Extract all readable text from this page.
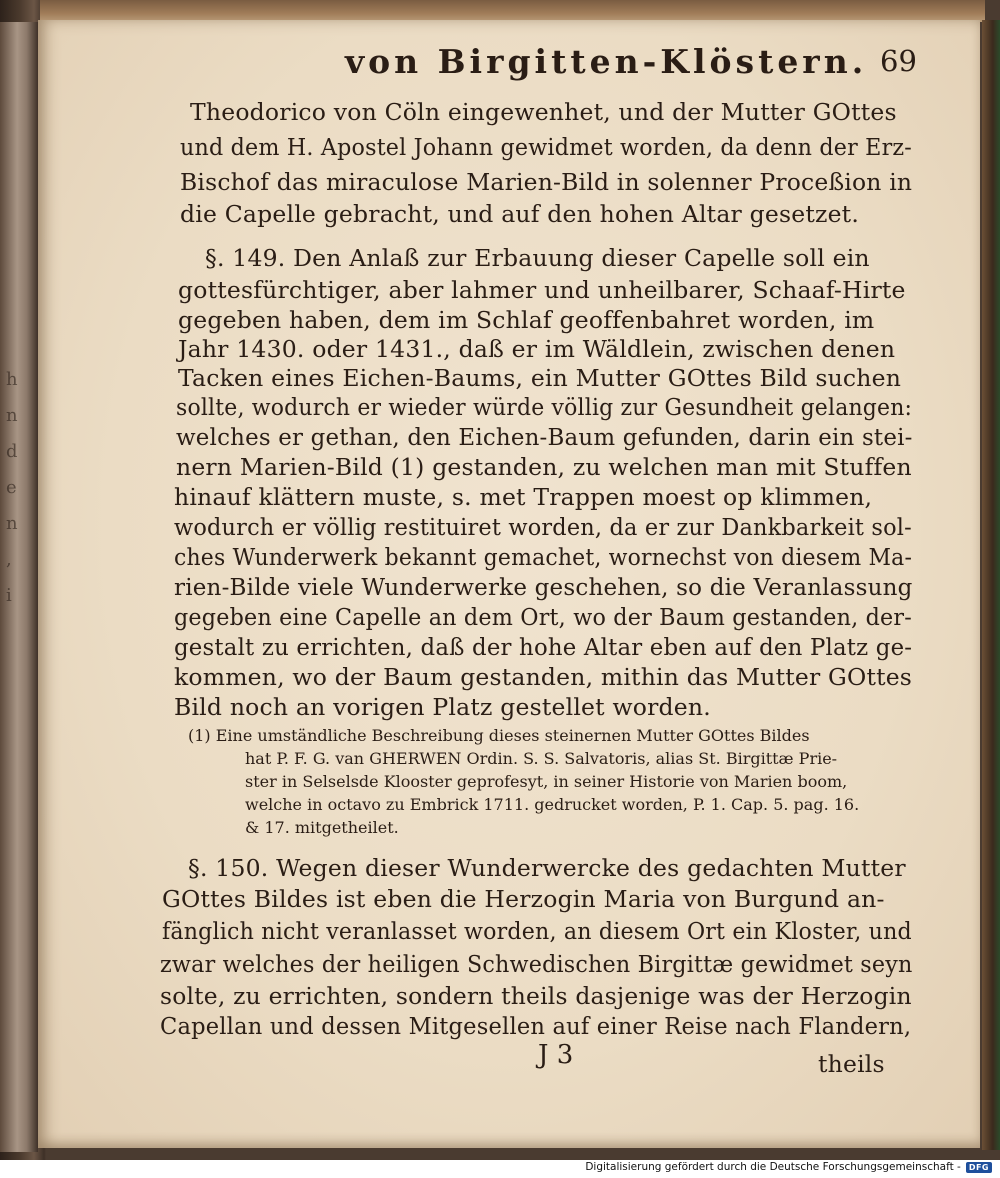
h
n
d
e
n
,
i
von Birgitten-Klöstern. 69
Theodorico von Cöln eingewenhet, und der Mutter GOttes
und dem H. Apostel Johann gewidmet worden, da denn der Erz-
Bischof das miraculose Marien-Bild in solenner Proceßion in
die Capelle gebracht, und auf den hohen Altar gesetzet.
§. 149. Den Anlaß zur Erbauung dieser Capelle soll ein
gottesfürchtiger, aber lahmer und unheilbarer, Schaaf-Hirte
gegeben haben, dem im Schlaf geoffenbahret worden, im
Jahr 1430. oder 1431., daß er im Wäldlein, zwischen denen
Tacken eines Eichen-Baums, ein Mutter GOttes Bild suchen
sollte, wodurch er wieder würde völlig zur Gesundheit gelangen:
welches er gethan, den Eichen-Baum gefunden, darin ein stei-
nern Marien-Bild (1) gestanden, zu welchen man mit Stuffen
hinauf klättern muste, s. met Trappen moest op klimmen,
wodurch er völlig restituiret worden, da er zur Dankbarkeit sol-
ches Wunderwerk bekannt gemachet, wornechst von diesem Ma-
rien-Bilde viele Wunderwerke geschehen, so die Veranlassung
gegeben eine Capelle an dem Ort, wo der Baum gestanden, der-
gestalt zu errichten, daß der hohe Altar eben auf den Platz ge-
kommen, wo der Baum gestanden, mithin das Mutter GOttes
Bild noch an vorigen Platz gestellet worden.
(1) Eine umständliche Beschreibung dieses steinernen Mutter GOttes Bildes
hat P. F. G. van GHERWEN Ordin. S. S. Salvatoris, alias St. Birgittæ Prie-
ster in Selselsde Klooster geprofesyt, in seiner Historie von Marien boom,
welche in octavo zu Embrick 1711. gedrucket worden, P. 1. Cap. 5. pag. 16.
& 17. mitgetheilet.
§. 150. Wegen dieser Wunderwercke des gedachten Mutter
GOttes Bildes ist eben die Herzogin Maria von Burgund an-
fänglich nicht veranlasset worden, an diesem Ort ein Kloster, und
zwar welches der heiligen Schwedischen Birgittæ gewidmet seyn
solte, zu errichten, sondern theils dasjenige was der Herzogin
Capellan und dessen Mitgesellen auf einer Reise nach Flandern,
J 3	theils
Digitalisierung gefördert durch die Deutsche Forschungsgemeinschaft -	DFG
